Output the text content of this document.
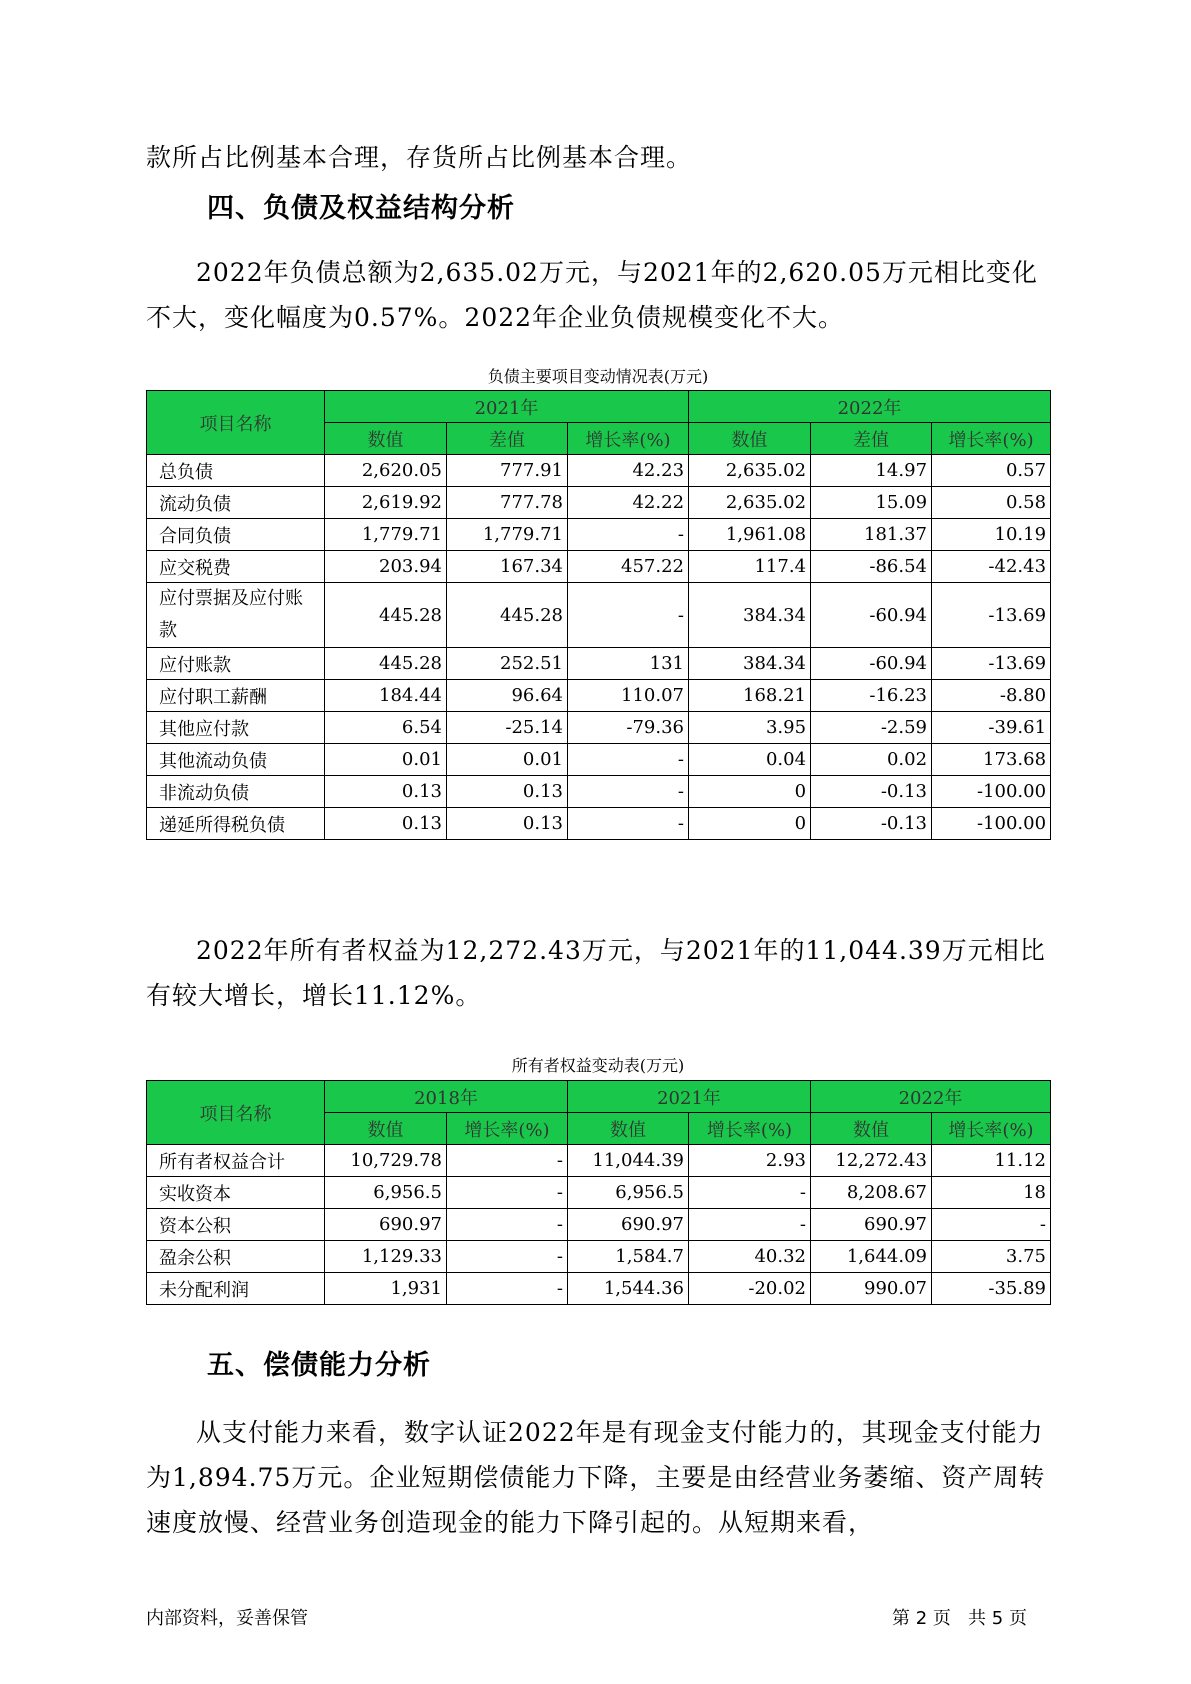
款所占比例基本合理，存货所占比例基本合理。

四、负债及权益结构分析

2022年负债总额为2,635.02万元，与2021年的2,620.05万元相比变化不大，变化幅度为0.57%。2022年企业负债规模变化不大。

负债主要项目变动情况表(万元)

项目名称	2021年			2022年		
	数值	差值	增长率(%)	数值	差值	增长率(%)
总负债	2,620.05	777.91	42.23	2,635.02	14.97	0.57
流动负债	2,619.92	777.78	42.22	2,635.02	15.09	0.58
合同负债	1,779.71	1,779.71	-	1,961.08	181.37	10.19
应交税费	203.94	167.34	457.22	117.4	-86.54	-42.43
应付票据及应付账款	445.28	445.28	-	384.34	-60.94	-13.69
应付账款	445.28	252.51	131	384.34	-60.94	-13.69
应付职工薪酬	184.44	96.64	110.07	168.21	-16.23	-8.80
其他应付款	6.54	-25.14	-79.36	3.95	-2.59	-39.61
其他流动负债	0.01	0.01	-	0.04	0.02	173.68
非流动负债	0.13	0.13	-	0	-0.13	-100.00
递延所得税负债	0.13	0.13	-	0	-0.13	-100.00

2022年所有者权益为12,272.43万元，与2021年的11,044.39万元相比有较大增长，增长11.12%。

所有者权益变动表(万元)

项目名称	2018年		2021年		2022年	
	数值	增长率(%)	数值	增长率(%)	数值	增长率(%)
所有者权益合计	10,729.78	-	11,044.39	2.93	12,272.43	11.12
实收资本	6,956.5	-	6,956.5	-	8,208.67	18
资本公积	690.97	-	690.97	-	690.97	-
盈余公积	1,129.33	-	1,584.7	40.32	1,644.09	3.75
未分配利润	1,931	-	1,544.36	-20.02	990.07	-35.89
五、偿债能力分析

从支付能力来看，数字认证2022年是有现金支付能力的，其现金支付能力为1,894.75万元。企业短期偿债能力下降，主要是由经营业务萎缩、资产周转速度放慢、经营业务创造现金的能力下降引起的。从短期来看，

内部资料，妥善保管	第 2 页   共 5 页
